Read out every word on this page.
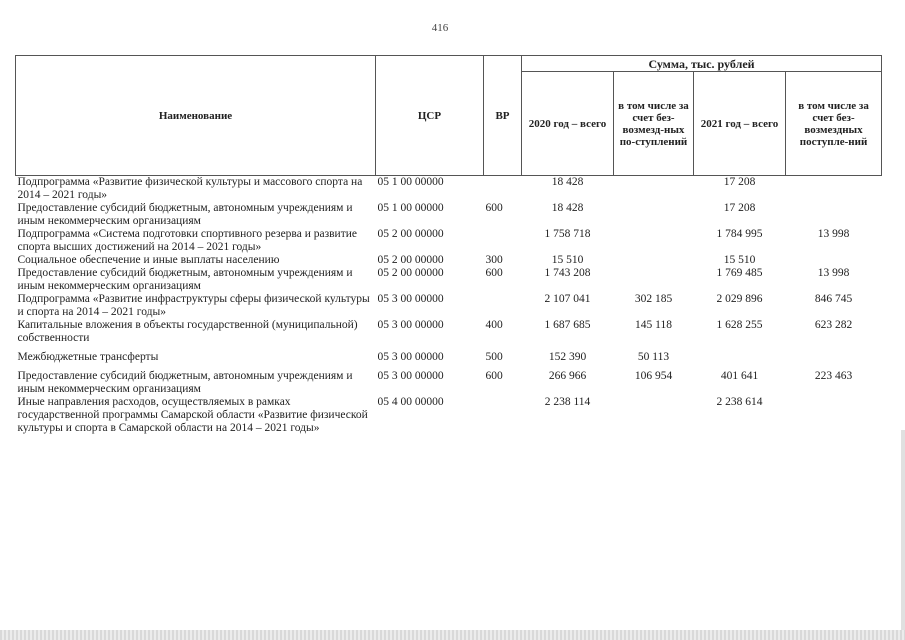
416
Наименование	ЦСР	ВР	Сумма, тыс. рублей			
			2020 год – всего	в том числе за счет без-возмезд-ных по-ступлений	2021 год – всего	в том числе за счет без-возмездных поступле-ний
Подпрограмма «Развитие физической культуры и массового спорта на 2014 – 2021 годы»	05 1 00 00000		18 428		17 208	
Предоставление субсидий бюджетным, автономным учреждениям и иным некоммерческим организациям	05 1 00 00000	600	18 428		17 208	
Подпрограмма «Система подготовки спортивного резерва и развитие спорта высших достижений на 2014 – 2021 годы»	05 2 00 00000		1 758 718		1 784 995	13 998
Социальное обеспечение и иные выплаты населению	05 2 00 00000	300	15 510		15 510	
Предоставление субсидий бюджетным, автономным учреждениям и иным некоммерческим организациям	05 2 00 00000	600	1 743 208		1 769 485	13 998
Подпрограмма «Развитие инфраструктуры сферы физической культуры и спорта на 2014 – 2021 годы»	05 3 00 00000		2 107 041	302 185	2 029 896	846 745
Капитальные вложения в объекты государственной (муниципальной) собственности	05 3 00 00000	400	1 687 685	145 118	1 628 255	623 282
Межбюджетные трансферты	05 3 00 00000	500	152 390	50 113		
Предоставление субсидий бюджетным, автономным учреждениям и иным некоммерческим организациям	05 3 00 00000	600	266 966	106 954	401 641	223 463
Иные направления расходов, осуществляемых в рамках государственной программы Самарской области «Развитие физической культуры и спорта в Самарской области на 2014 – 2021 годы»	05 4 00 00000		2 238 114		2 238 614	
